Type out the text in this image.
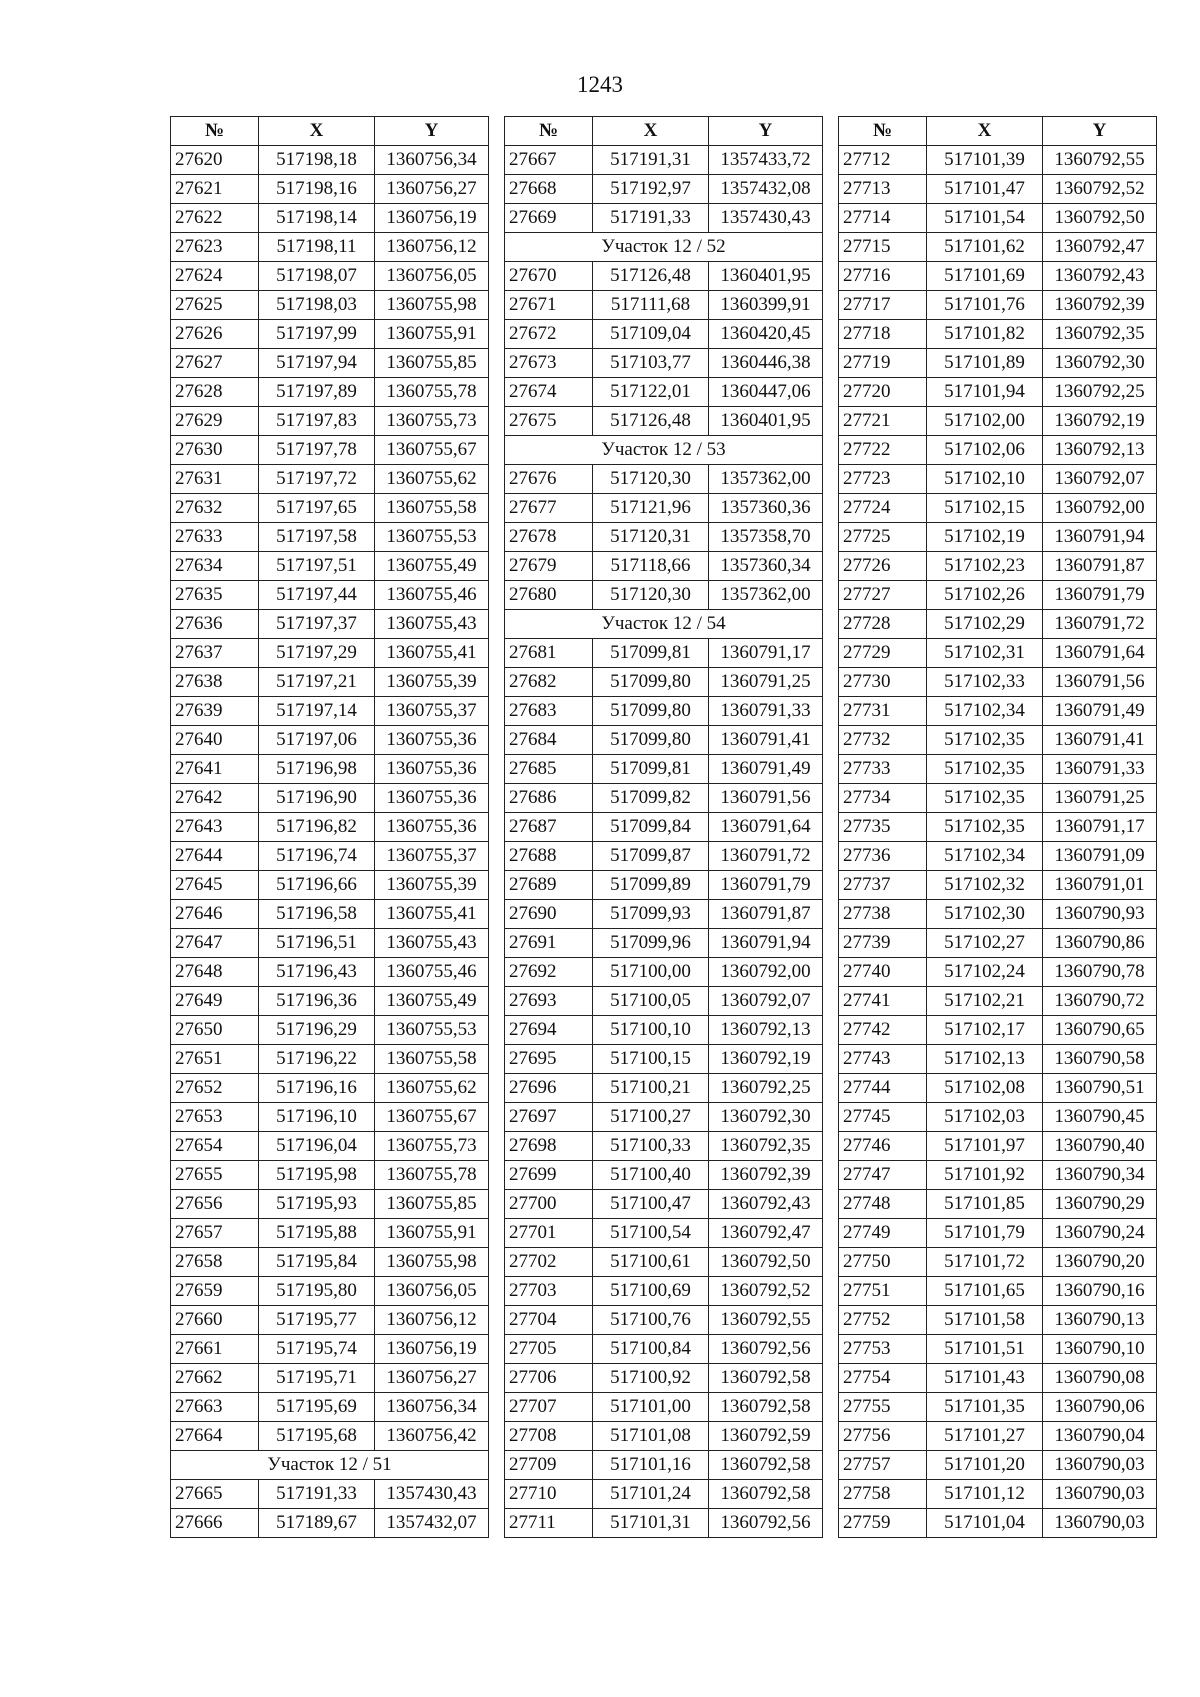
1243
№	X	Y
27620	517198,18	1360756,34
27621	517198,16	1360756,27
27622	517198,14	1360756,19
27623	517198,11	1360756,12
27624	517198,07	1360756,05
27625	517198,03	1360755,98
27626	517197,99	1360755,91
27627	517197,94	1360755,85
27628	517197,89	1360755,78
27629	517197,83	1360755,73
27630	517197,78	1360755,67
27631	517197,72	1360755,62
27632	517197,65	1360755,58
27633	517197,58	1360755,53
27634	517197,51	1360755,49
27635	517197,44	1360755,46
27636	517197,37	1360755,43
27637	517197,29	1360755,41
27638	517197,21	1360755,39
27639	517197,14	1360755,37
27640	517197,06	1360755,36
27641	517196,98	1360755,36
27642	517196,90	1360755,36
27643	517196,82	1360755,36
27644	517196,74	1360755,37
27645	517196,66	1360755,39
27646	517196,58	1360755,41
27647	517196,51	1360755,43
27648	517196,43	1360755,46
27649	517196,36	1360755,49
27650	517196,29	1360755,53
27651	517196,22	1360755,58
27652	517196,16	1360755,62
27653	517196,10	1360755,67
27654	517196,04	1360755,73
27655	517195,98	1360755,78
27656	517195,93	1360755,85
27657	517195,88	1360755,91
27658	517195,84	1360755,98
27659	517195,80	1360756,05
27660	517195,77	1360756,12
27661	517195,74	1360756,19
27662	517195,71	1360756,27
27663	517195,69	1360756,34
27664	517195,68	1360756,42
Участок 12 / 51		
27665	517191,33	1357430,43
27666	517189,67	1357432,07
№	X	Y
27667	517191,31	1357433,72
27668	517192,97	1357432,08
27669	517191,33	1357430,43
Участок 12 / 52		
27670	517126,48	1360401,95
27671	517111,68	1360399,91
27672	517109,04	1360420,45
27673	517103,77	1360446,38
27674	517122,01	1360447,06
27675	517126,48	1360401,95
Участок 12 / 53		
27676	517120,30	1357362,00
27677	517121,96	1357360,36
27678	517120,31	1357358,70
27679	517118,66	1357360,34
27680	517120,30	1357362,00
Участок 12 / 54		
27681	517099,81	1360791,17
27682	517099,80	1360791,25
27683	517099,80	1360791,33
27684	517099,80	1360791,41
27685	517099,81	1360791,49
27686	517099,82	1360791,56
27687	517099,84	1360791,64
27688	517099,87	1360791,72
27689	517099,89	1360791,79
27690	517099,93	1360791,87
27691	517099,96	1360791,94
27692	517100,00	1360792,00
27693	517100,05	1360792,07
27694	517100,10	1360792,13
27695	517100,15	1360792,19
27696	517100,21	1360792,25
27697	517100,27	1360792,30
27698	517100,33	1360792,35
27699	517100,40	1360792,39
27700	517100,47	1360792,43
27701	517100,54	1360792,47
27702	517100,61	1360792,50
27703	517100,69	1360792,52
27704	517100,76	1360792,55
27705	517100,84	1360792,56
27706	517100,92	1360792,58
27707	517101,00	1360792,58
27708	517101,08	1360792,59
27709	517101,16	1360792,58
27710	517101,24	1360792,58
27711	517101,31	1360792,56
№	X	Y
27712	517101,39	1360792,55
27713	517101,47	1360792,52
27714	517101,54	1360792,50
27715	517101,62	1360792,47
27716	517101,69	1360792,43
27717	517101,76	1360792,39
27718	517101,82	1360792,35
27719	517101,89	1360792,30
27720	517101,94	1360792,25
27721	517102,00	1360792,19
27722	517102,06	1360792,13
27723	517102,10	1360792,07
27724	517102,15	1360792,00
27725	517102,19	1360791,94
27726	517102,23	1360791,87
27727	517102,26	1360791,79
27728	517102,29	1360791,72
27729	517102,31	1360791,64
27730	517102,33	1360791,56
27731	517102,34	1360791,49
27732	517102,35	1360791,41
27733	517102,35	1360791,33
27734	517102,35	1360791,25
27735	517102,35	1360791,17
27736	517102,34	1360791,09
27737	517102,32	1360791,01
27738	517102,30	1360790,93
27739	517102,27	1360790,86
27740	517102,24	1360790,78
27741	517102,21	1360790,72
27742	517102,17	1360790,65
27743	517102,13	1360790,58
27744	517102,08	1360790,51
27745	517102,03	1360790,45
27746	517101,97	1360790,40
27747	517101,92	1360790,34
27748	517101,85	1360790,29
27749	517101,79	1360790,24
27750	517101,72	1360790,20
27751	517101,65	1360790,16
27752	517101,58	1360790,13
27753	517101,51	1360790,10
27754	517101,43	1360790,08
27755	517101,35	1360790,06
27756	517101,27	1360790,04
27757	517101,20	1360790,03
27758	517101,12	1360790,03
27759	517101,04	1360790,03
